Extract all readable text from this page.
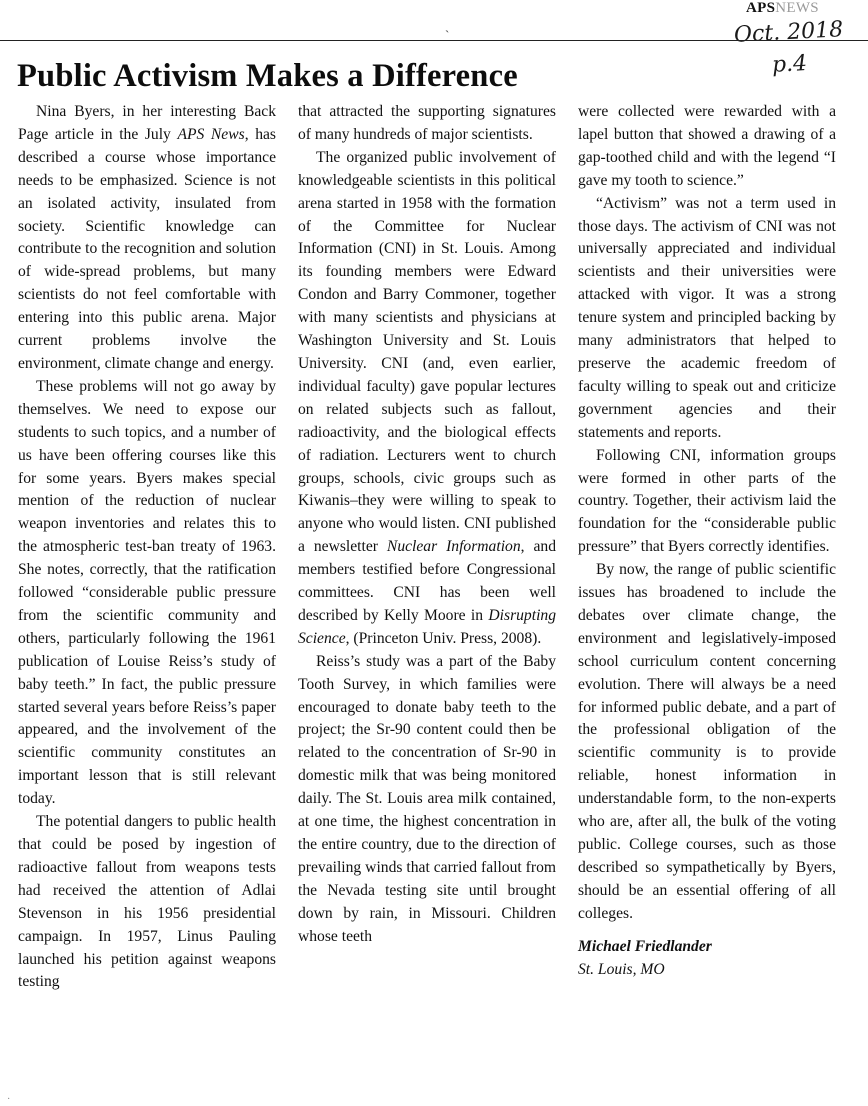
APSNEWS
ˎ	Oct. 2018
p.4
Public Activism Makes a Difference

Nina Byers, in her interesting Back Page article in the July APS News, has described a course whose importance needs to be emphasized. Science is not an isolated activity, insulated from society. Scientific knowledge can contribute to the recognition and solution of wide-spread problems, but many scientists do not feel comfortable with entering into this public arena. Major current problems involve the environment, climate change and energy.

These problems will not go away by themselves. We need to expose our students to such topics, and a number of us have been offering courses like this for some years. Byers makes special mention of the reduction of nuclear weapon inventories and relates this to the atmospheric test-ban treaty of 1963. She notes, correctly, that the ratification followed “considerable public pressure from the scientific community and others, particularly following the 1961 publication of Louise Reiss’s study of baby teeth.” In fact, the public pressure started several years before Reiss’s paper appeared, and the involvement of the scientific community constitutes an important lesson that is still relevant today.

The potential dangers to public health that could be posed by ingestion of radioactive fallout from weapons tests had received the attention of Adlai Stevenson in his 1956 presidential campaign. In 1957, Linus Pauling launched his petition against weapons testing

that attracted the supporting signatures of many hundreds of major scientists.

The organized public involvement of knowledgeable scientists in this political arena started in 1958 with the formation of the Committee for Nuclear Information (CNI) in St. Louis. Among its founding members were Edward Condon and Barry Commoner, together with many scientists and physicians at Washington University and St. Louis University. CNI (and, even earlier, individual faculty) gave popular lectures on related subjects such as fallout, radioactivity, and the biological effects of radiation. Lecturers went to church groups, schools, civic groups such as Kiwanis–they were willing to speak to anyone who would listen. CNI published a newsletter Nuclear Information, and members testified before Congressional committees. CNI has been well described by Kelly Moore in Disrupting Science, (Princeton Univ. Press, 2008).

Reiss’s study was a part of the Baby Tooth Survey, in which families were encouraged to donate baby teeth to the project; the Sr-90 content could then be related to the concentration of Sr-90 in domestic milk that was being monitored daily. The St. Louis area milk contained, at one time, the highest concentration in the entire country, due to the direction of prevailing winds that carried fallout from the Nevada testing site until brought down by rain, in Missouri. Children whose teeth

were collected were rewarded with a lapel button that showed a drawing of a gap-toothed child and with the legend “I gave my tooth to science.”

“Activism” was not a term used in those days. The activism of CNI was not universally appreciated and individual scientists and their universities were attacked with vigor. It was a strong tenure system and principled backing by many administrators that helped to preserve the academic freedom of faculty willing to speak out and criticize government agencies and their statements and reports.

Following CNI, information groups were formed in other parts of the country. Together, their activism laid the foundation for the “considerable public pressure” that Byers correctly identifies.

By now, the range of public scientific issues has broadened to include the debates over climate change, the environment and legislatively-imposed school curriculum content concerning evolution. There will always be a need for informed public debate, and a part of the professional obligation of the scientific community is to provide reliable, honest information in understandable form, to the non-experts who are, after all, the bulk of the voting public. College courses, such as those described so sympathetically by Byers, should be an essential offering of all colleges.

Michael Friedlander
St. Louis, MO
·
